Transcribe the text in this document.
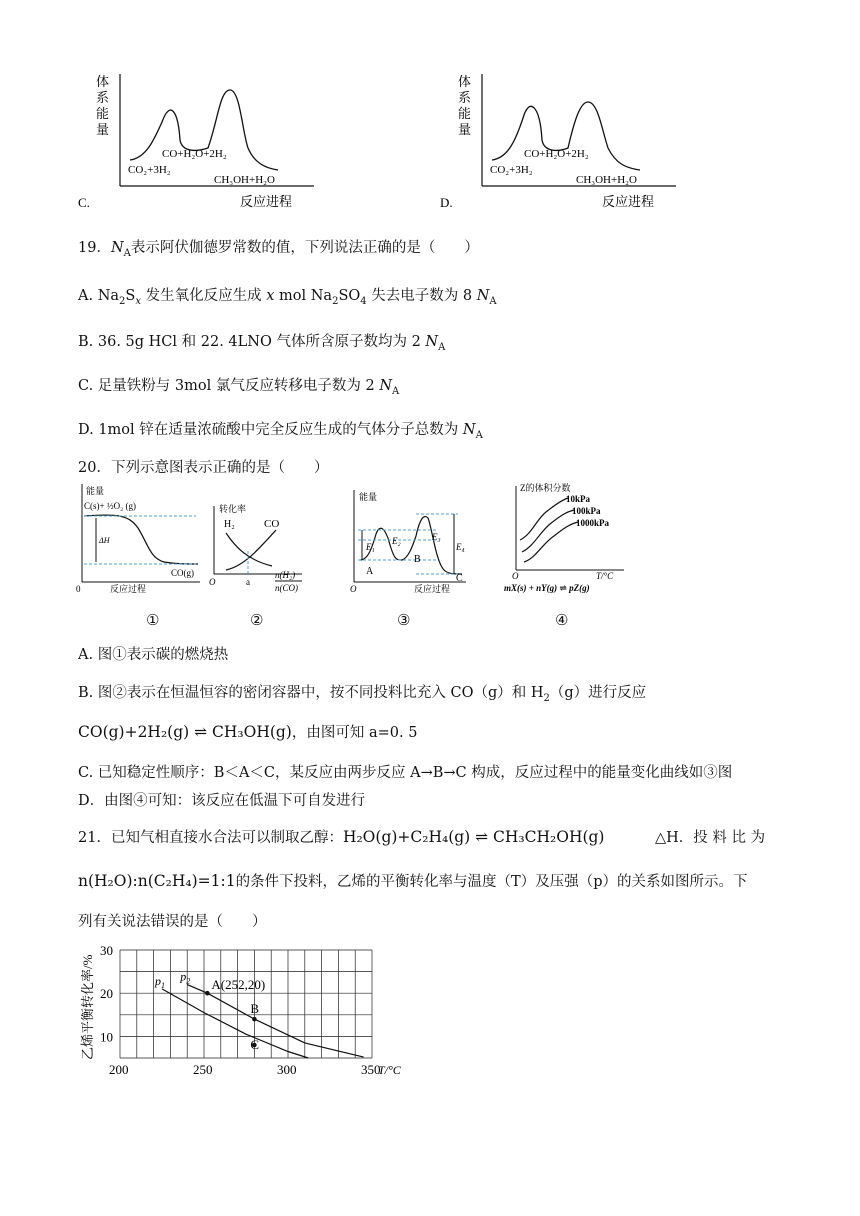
C.
体
系
能
量
反应进程
CO+H₂O+2H₂
CO₂+3H₂
CH₃OH+H₂O
D.
体
系
能
量
反应进程
CO+H₂O+2H₂
CO₂+3H₂
CH₃OH+H₂O
19．$N_A$表示阿伏伽德罗常数的值，下列说法正确的是（　　）
A. $Na_2S_x$ 发生氧化反应生成 x mol $Na_2SO_4$ 失去电子数为 8 $N_A$
B. 36. 5g HCl 和 22. 4LNO 气体所含原子数均为 2 $N_A$
C. 足量铁粉与 3mol 氯气反应转移电子数为 2 $N_A$
D. 1mol 锌在适量浓硫酸中完全反应生成的气体分子总数为 $N_A$
20．下列示意图表示正确的是（　　）
能量
C(s)+ ½O₂ (g)
ΔH
CO(g)
0	反应过程
转化率
H₂	CO
a
O
n(H₂)
n(CO)
能量
E₁
E₂	E₃
E₄
A
B
C
O	反应过程
Z的体积分数
10kPa
100kPa
1000kPa
O	T/°C
mX(s) + nY(g) ⇌ pZ(g)
①	②	③	④
A. 图①表示碳的燃烧热
B. 图②表示在恒温恒容的密闭容器中，按不同投料比充入 CO（g）和 $H_2(g)$进行反应
CO(g)+2H₂(g) ⇌ CH₃OH(g)，由图可知 a=0. 5
C. 已知稳定性顺序：B＜A＜C，某反应由两步反应 A→B→C 构成，反应过程中的能量变化曲线如③图
D．由图④可知：该反应在低温下可自发进行
21．已知气相直接水合法可以制取乙醇：H₂O(g)+C₂H₄(g) ⇌ CH₃CH₂OH(g)	△H．投 料 比 为
n(H₂O):n(C₂H₄)=1:1的条件下投料，乙烯的平衡转化率与温度（T）及压强（p）的关系如图所示。下
列有关说法错误的是（　　）
200	250	300	350
10
20
30
T/°C
乙烯平衡转化率/%	$p_1$
$p_2$ A(252,20)
B
C
